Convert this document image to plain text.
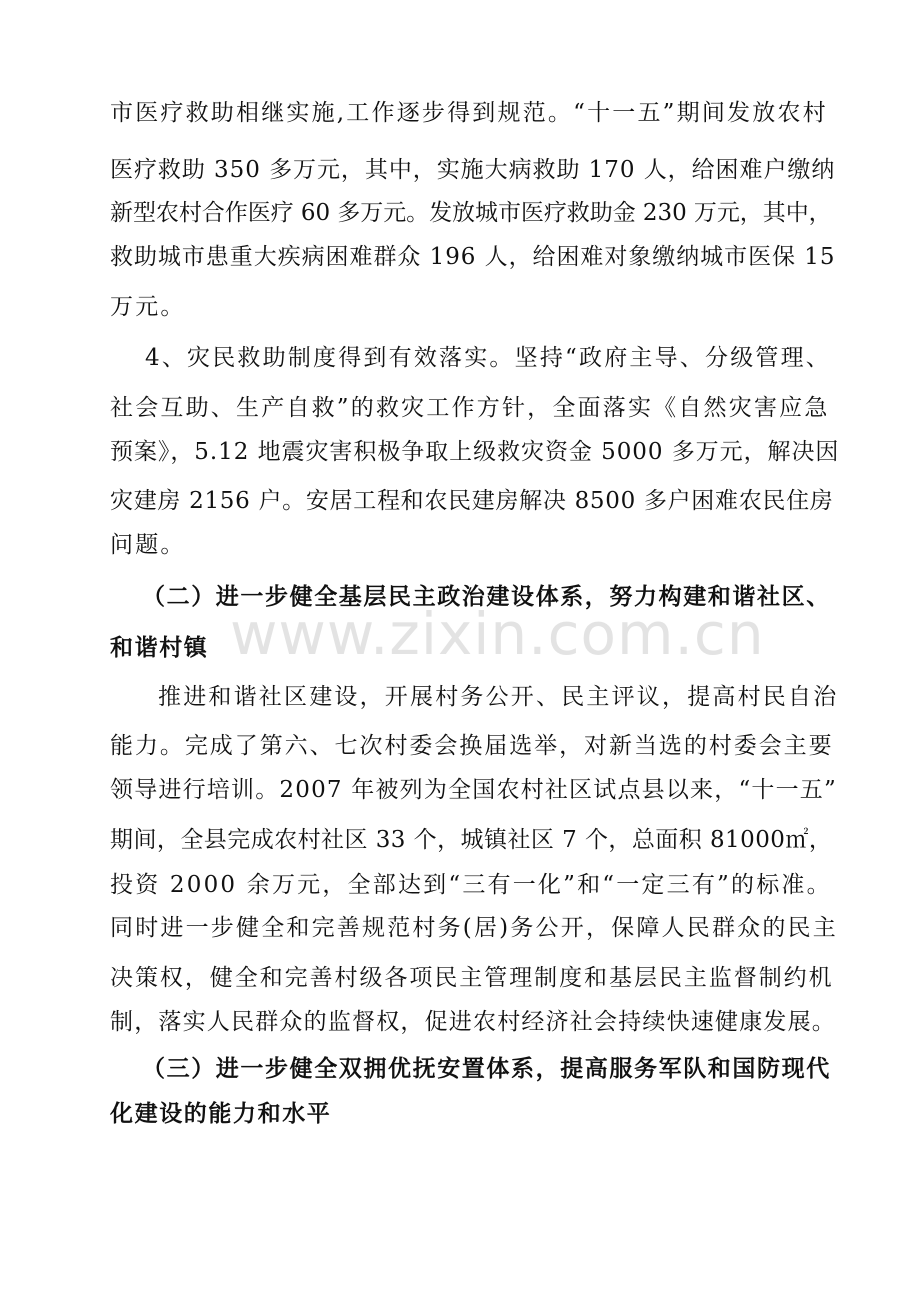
www.zixin.com.cn
市医疗救助相继实施,工作逐步得到规范。“十一五”期间发放农村
医疗救助 350 多万元，其中，实施大病救助 170 人，给困难户缴纳
新型农村合作医疗 60 多万元。发放城市医疗救助金 230 万元，其中，
救助城市患重大疾病困难群众 196 人，给困难对象缴纳城市医保 15
万元。
4、灾民救助制度得到有效落实。坚持“政府主导、分级管理、
社会互助、生产自救”的救灾工作方针，全面落实《自然灾害应急
预案》，5.12 地震灾害积极争取上级救灾资金 5000 多万元，解决因
灾建房 2156 户。安居工程和农民建房解决 8500 多户困难农民住房
问题。
（二）进一步健全基层民主政治建设体系，努力构建和谐社区、
和谐村镇
推进和谐社区建设，开展村务公开、民主评议，提高村民自治
能力。完成了第六、七次村委会换届选举，对新当选的村委会主要
领导进行培训。2007 年被列为全国农村社区试点县以来，“十一五”
期间，全县完成农村社区 33 个，城镇社区 7 个，总面积 81000㎡，
投资 2000 余万元，全部达到“三有一化”和“一定三有”的标准。
同时进一步健全和完善规范村务(居)务公开，保障人民群众的民主
决策权，健全和完善村级各项民主管理制度和基层民主监督制约机
制，落实人民群众的监督权，促进农村经济社会持续快速健康发展。
（三）进一步健全双拥优抚安置体系，提高服务军队和国防现代
化建设的能力和水平
